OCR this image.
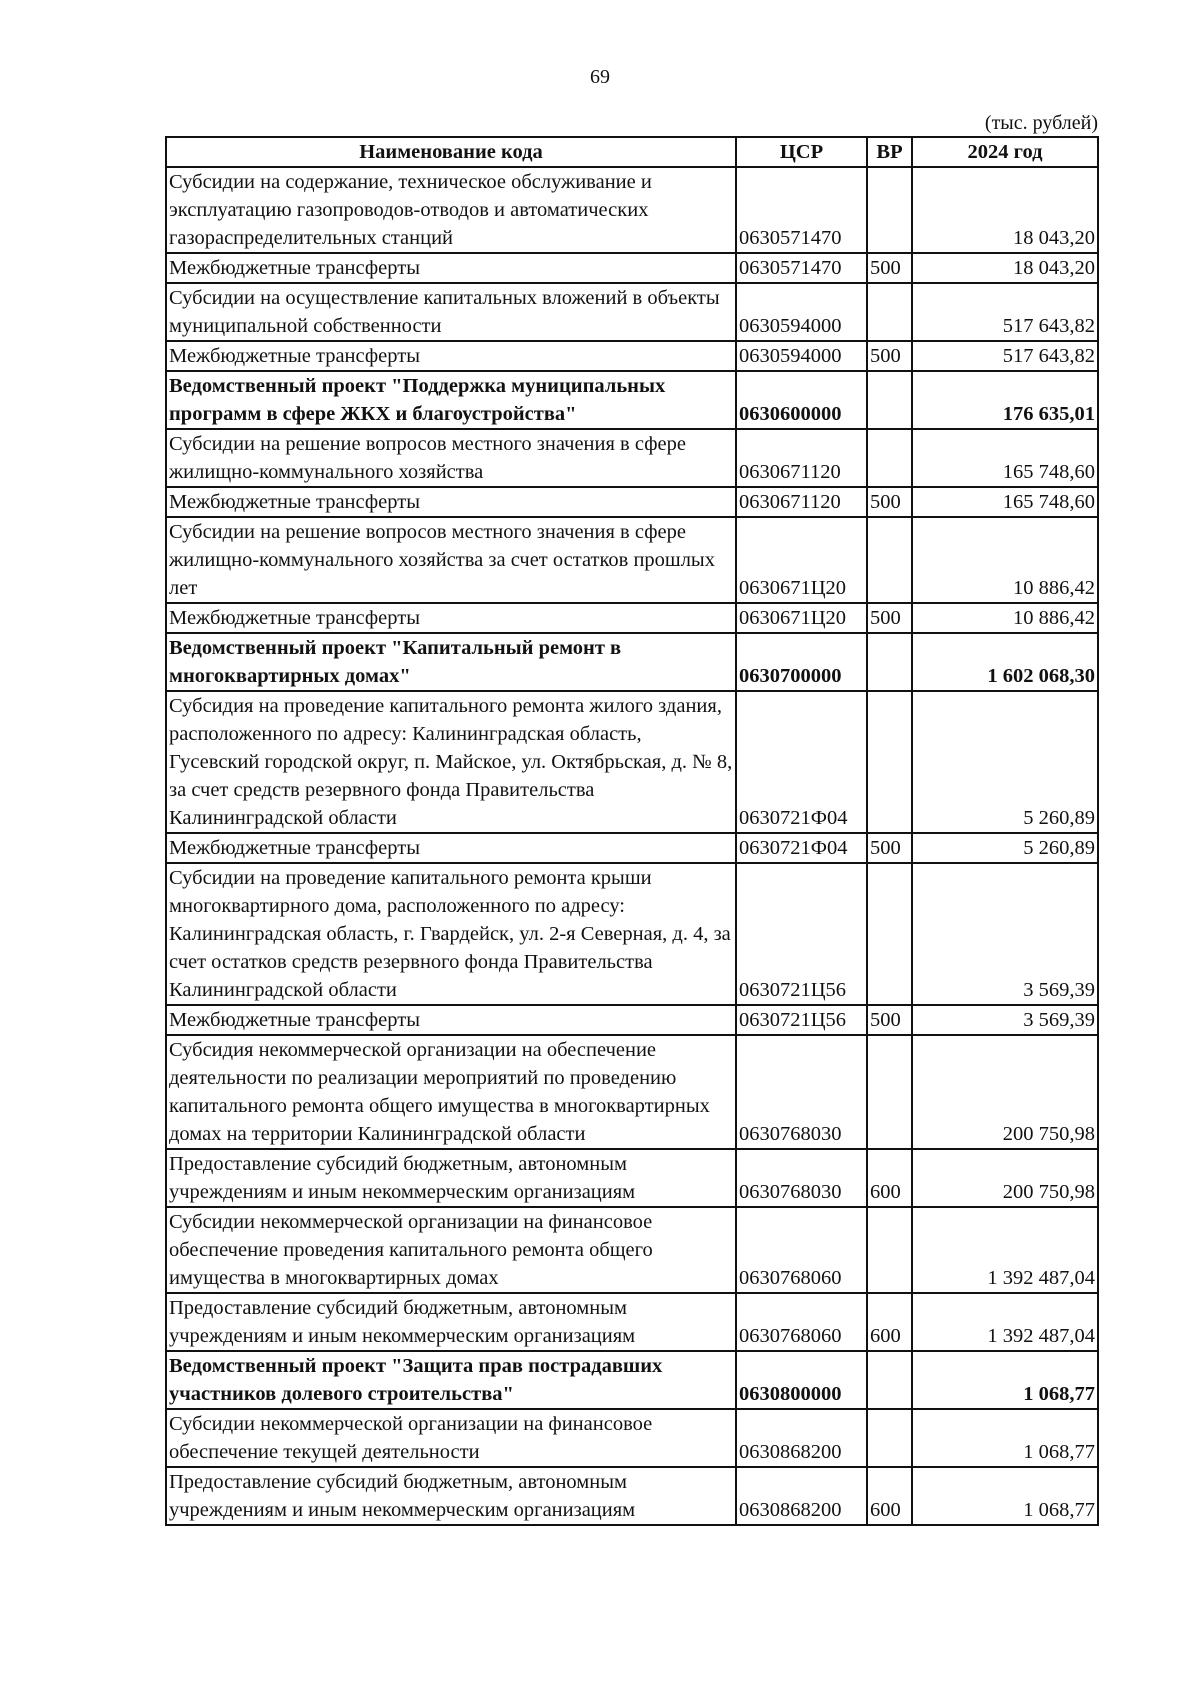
69
(тыс. рублей)
Наименование кода	ЦСР	ВР	2024 год
Субсидии на содержание, техническое обслуживание и эксплуатацию газопроводов-отводов и автоматических газораспределительных станций	0630571470		18 043,20
Межбюджетные трансферты	0630571470	500	18 043,20
Субсидии на осуществление капитальных вложений в объекты муниципальной собственности	0630594000		517 643,82
Межбюджетные трансферты	0630594000	500	517 643,82
Ведомственный проект "Поддержка муниципальных программ в сфере ЖКХ и благоустройства"	0630600000		176 635,01
Субсидии на решение вопросов местного значения в сфере жилищно-коммунального хозяйства	0630671120		165 748,60
Межбюджетные трансферты	0630671120	500	165 748,60
Субсидии на решение вопросов местного значения в сфере жилищно-коммунального хозяйства за счет остатков прошлых лет	0630671Ц20		10 886,42
Межбюджетные трансферты	0630671Ц20	500	10 886,42
Ведомственный проект "Капитальный ремонт в многоквартирных домах"	0630700000		1 602 068,30
Субсидия на проведение капитального ремонта жилого здания, расположенного по адресу: Калининградская область, Гусевский городской округ, п. Майское, ул. Октябрьская, д. № 8, за счет средств резервного фонда Правительства Калининградской области	0630721Ф04		5 260,89
Межбюджетные трансферты	0630721Ф04	500	5 260,89
Субсидии на проведение капитального ремонта крыши многоквартирного дома, расположенного по адресу: Калининградская область, г. Гвардейск, ул. 2-я Северная, д. 4, за счет остатков средств резервного фонда Правительства Калининградской области	0630721Ц56		3 569,39
Межбюджетные трансферты	0630721Ц56	500	3 569,39
Субсидия некоммерческой организации на обеспечение деятельности по реализации мероприятий по проведению капитального ремонта общего имущества в многоквартирных домах на территории Калининградской области	0630768030		200 750,98
Предоставление субсидий бюджетным, автономным учреждениям и иным некоммерческим организациям	0630768030	600	200 750,98
Субсидии некоммерческой организации на финансовое обеспечение проведения капитального ремонта общего имущества в многоквартирных домах	0630768060		1 392 487,04
Предоставление субсидий бюджетным, автономным учреждениям и иным некоммерческим организациям	0630768060	600	1 392 487,04
Ведомственный проект "Защита прав пострадавших участников долевого строительства"	0630800000		1 068,77
Субсидии некоммерческой организации на финансовое обеспечение текущей деятельности	0630868200		1 068,77
Предоставление субсидий бюджетным, автономным учреждениям и иным некоммерческим организациям	0630868200	600	1 068,77
